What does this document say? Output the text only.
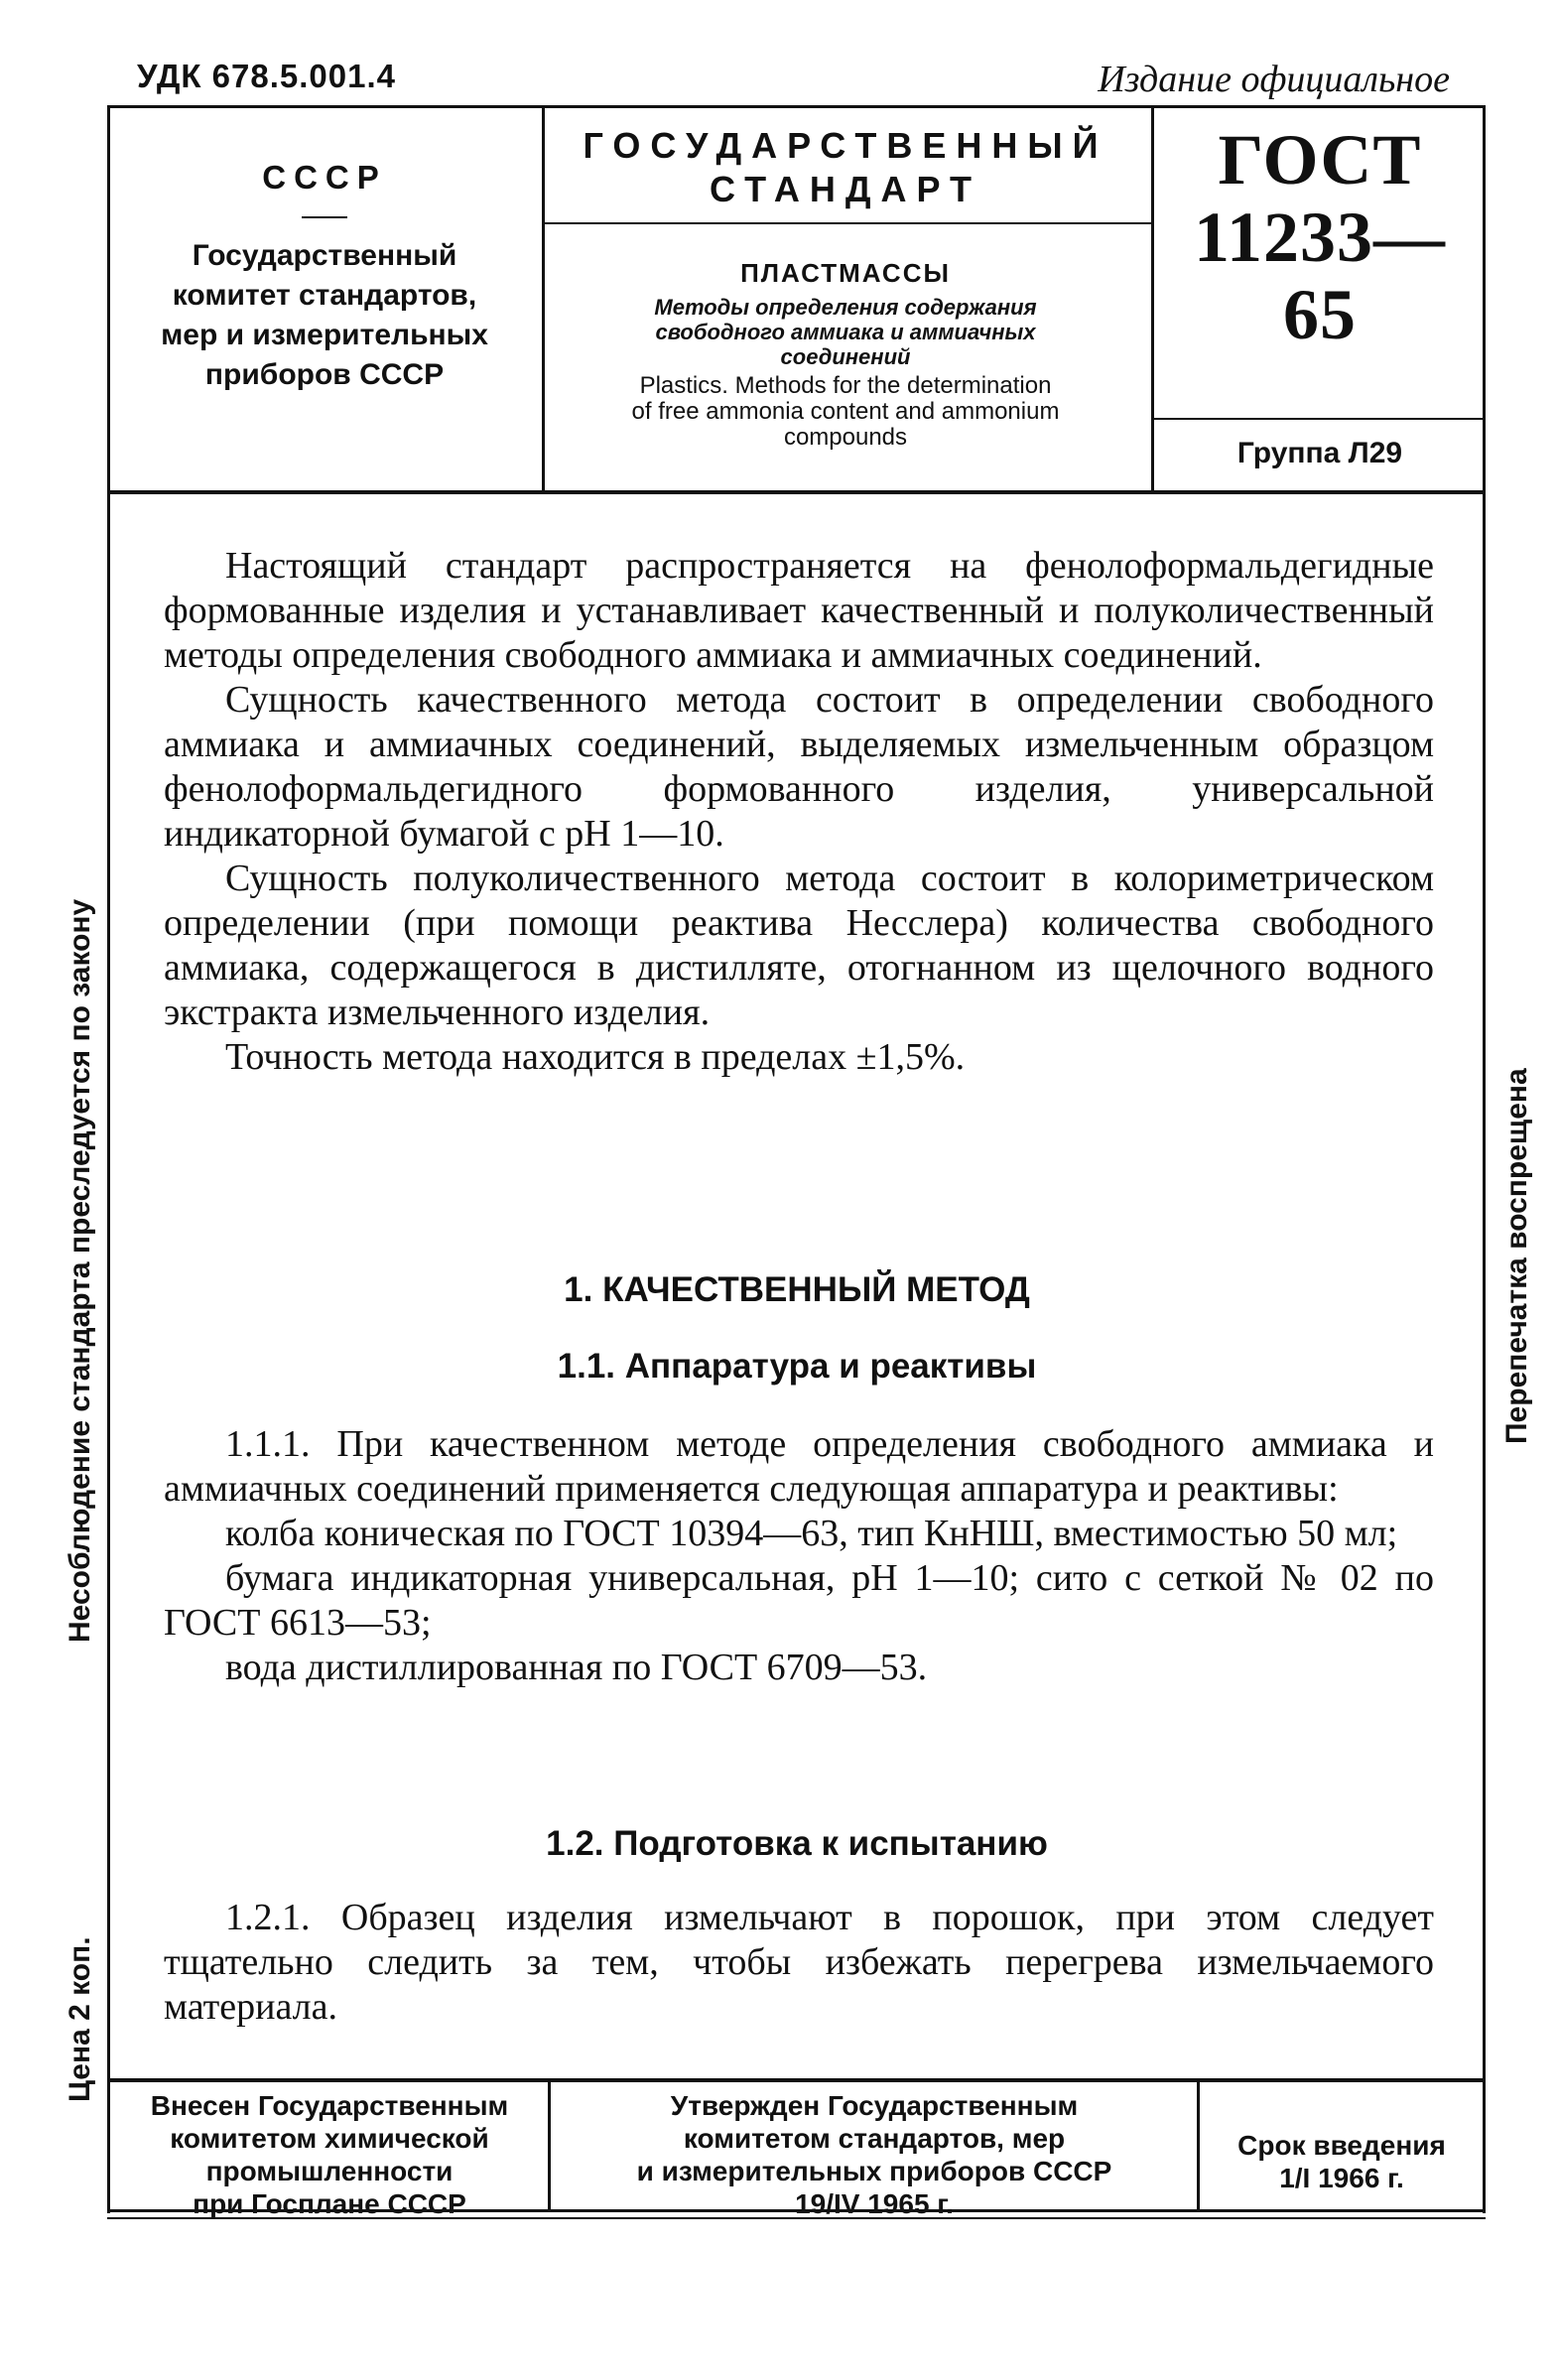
УДК 678.5.001.4	Издание официальное
СССР
Государственный
комитет стандартов,
мер и измерительных
приборов СССР
ГОСУДАРСТВЕННЫЙ
СТАНДАРТ
ПЛАСТМАССЫ
Методы определения содержания
свободного аммиака и аммиачных
соединений
Plastics. Methods for the determination
of free ammonia content and ammonium
compounds
ГОСТ
11233—65
Группа Л29
Несоблюдение стандарта преследуется по закону
Цена 2 коп.
Перепечатка воспрещена

Настоящий стандарт распространяется на фенолоформальдегидные формованные изделия и устанавливает качественный и полуколичественный методы определения свободного аммиака и аммиачных соединений.

Сущность качественного метода состоит в определении свободного аммиака и аммиачных соединений, выделяемых измельченным образцом фенолоформальдегидного формованного изделия, универсальной индикаторной бумагой с pH 1—10.

Сущность полуколичественного метода состоит в колориметрическом определении (при помощи реактива Несслера) количества свободного аммиака, содержащегося в дистилляте, отогнанном из щелочного водного экстракта измельченного изделия.

Точность метода находится в пределах ±1,5%.

1. КАЧЕСТВЕННЫЙ МЕТОД
1.1. Аппаратура и реактивы

1.1.1. При качественном методе определения свободного аммиака и аммиачных соединений применяется следующая аппаратура и реактивы:

колба коническая по ГОСТ 10394—63, тип КнНШ, вместимостью 50 мл;

бумага индикаторная универсальная, pH 1—10; сито с сеткой № 02 по ГОСТ 6613—53;

вода дистиллированная по ГОСТ 6709—53.

1.2. Подготовка к испытанию

1.2.1. Образец изделия измельчают в порошок, при этом следует тщательно следить за тем, чтобы избежать перегрева измельчаемого материала.

Внесен Государственным
комитетом химической
промышленности
при Госплане СССР
Утвержден Государственным
комитетом стандартов, мер
и измерительных приборов СССР
19/IV 1965 г.
Срок введения
1/I 1966 г.
